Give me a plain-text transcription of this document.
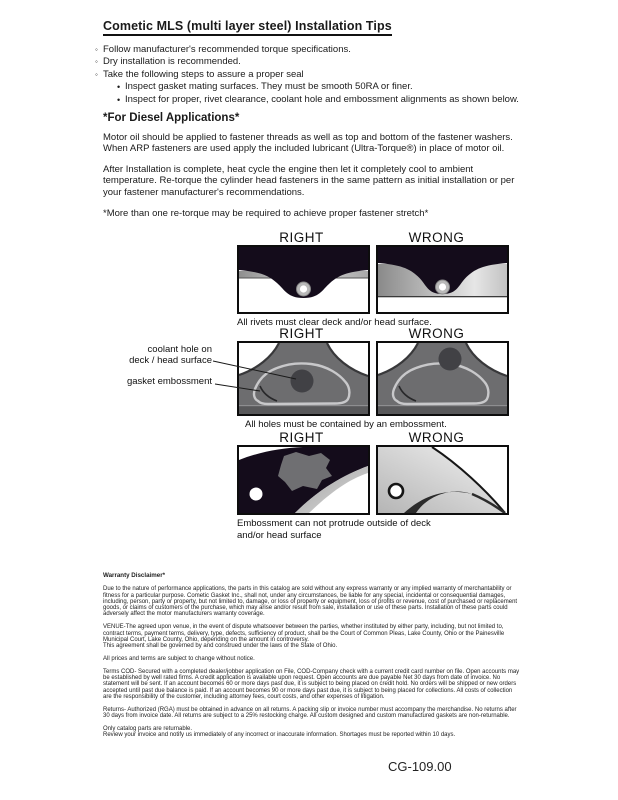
Cometic MLS (multi layer steel) Installation Tips
◦ Follow manufacturer's recommended torque specifications.
◦ Dry installation is recommended.
◦ Take the following steps to assure a proper seal
• Inspect gasket mating surfaces. They must be smooth 50RA or finer.
• Inspect for proper, rivet clearance, coolant hole and embossment alignments as shown below.
*For Diesel Applications*

Motor oil should be applied to fastener threads as well as top and bottom of the fastener washers. When ARP fasteners are used apply the included lubricant (Ultra-Torque®) in place of motor oil.

After Installation is complete, heat cycle the engine then let it completely cool to ambient temperature. Re-torque the cylinder head fasteners in the same pattern as initial installation or per your fastener manufacturer's recommendations.

*More than one re-torque may be required to achieve proper fastener stretch*

RIGHT	WRONG
All rivets must clear deck and/or head surface.
RIGHT	WRONG
All holes must be contained by an embossment.
coolant hole on
deck / head surface
gasket embossment
RIGHT	WRONG
Embossment can not protrude outside of deck and/or head surface
Warranty Disclaimer*

Due to the nature of performance applications, the parts in this catalog are sold without any express warranty or any implied warranty of merchantability or fitness for a particular purpose. Cometic Gasket Inc., shall not, under any circumstances, be liable for any special, incidental or consequential damages, including, person, party or property, but not limited to, damage, or loss of property or equipment, loss of profits or revenue, cost of purchased or replacement goods, or claims of customers of the purchase, which may arise and/or result from sale, installation or use of these parts. Installation of these parts could adversely affect the motor manufacturers warranty coverage.

VENUE-The agreed upon venue, in the event of dispute whatsoever between the parties, whether instituted by either party, including, but not limited to, contract terms, payment terms, delivery, type, defects, sufficiency of product, shall be the Court of Common Pleas, Lake County, Ohio or the Painesville Municipal Court, Lake County, Ohio, depending on the amount in controversy.

This agreement shall be governed by and construed under the laws of the State of Ohio.

All prices and terms are subject to change without notice.

Terms COD- Secured with a completed dealer/jobber application on File, COD-Company check with a current credit card number on file. Open accounts may be established by well rated firms. A credit application is available upon request. Open accounts are due payable Net 30 days from date of invoice. No statement will be sent. If an account becomes 60 or more days past due, it is subject to being placed on credit hold. No orders will be shipped or new orders accepted until past due balance is paid. If an account becomes 90 or more days past due, it is subject to being placed for collections. All costs of collection are the responsibility of the customer, including attorney fees, court costs, and other expenses of litigation.

Returns- Authorized (RGA) must be obtained in advance on all returns. A packing slip or invoice number must accompany the merchandise. No returns after 30 days from invoice date. All returns are subject to a 25% restocking charge. All custom designed and custom manufactured gaskets are non-returnable.

Only catalog parts are returnable.

Review your invoice and notify us immediately of any incorrect or inaccurate information. Shortages must be reported within 10 days.

CG-109.00
